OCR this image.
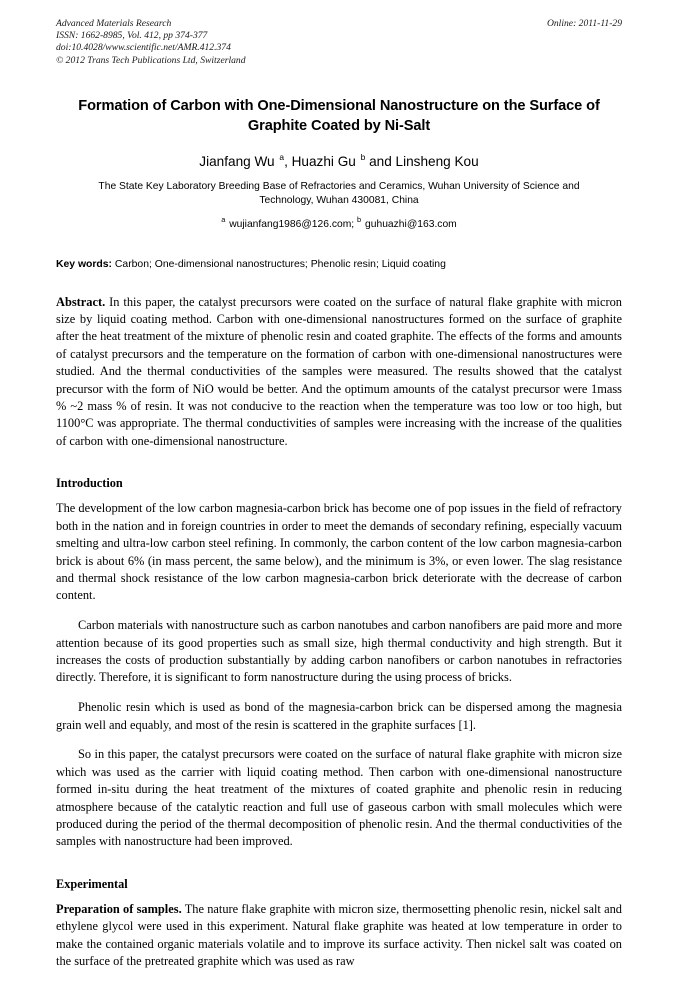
Online: 2011-11-29
Advanced Materials Research
ISSN: 1662-8985, Vol. 412, pp 374-377
doi:10.4028/www.scientific.net/AMR.412.374
© 2012 Trans Tech Publications Ltd, Switzerland
Formation of Carbon with One-Dimensional Nanostructure on the Surface of Graphite Coated by Ni-Salt
Jianfang Wu $^a$, Huazhi Gu $^b$ and Linsheng Kou
The State Key Laboratory Breeding Base of Refractories and Ceramics, Wuhan University of Science and Technology, Wuhan 430081, China
$^a$ wujianfang1986@126.com; $^b$ guhuazhi@163.com
Key words: Carbon; One-dimensional nanostructures; Phenolic resin; Liquid coating
Abstract. In this paper, the catalyst precursors were coated on the surface of natural flake graphite with micron size by liquid coating method. Carbon with one-dimensional nanostructures formed on the surface of graphite after the heat treatment of the mixture of phenolic resin and coated graphite. The effects of the forms and amounts of catalyst precursors and the temperature on the formation of carbon with one-dimensional nanostructures were studied. And the thermal conductivities of the samples were measured. The results showed that the catalyst precursor with the form of NiO would be better. And the optimum amounts of the catalyst precursor were 1mass % ~2 mass % of resin. It was not conducive to the reaction when the temperature was too low or too high, but 1100°C was appropriate. The thermal conductivities of samples were increasing with the increase of the qualities of carbon with one-dimensional nanostructure.
Introduction

The development of the low carbon magnesia-carbon brick has become one of pop issues in the field of refractory both in the nation and in foreign countries in order to meet the demands of secondary refining, especially vacuum smelting and ultra-low carbon steel refining. In commonly, the carbon content of the low carbon magnesia-carbon brick is about 6% (in mass percent, the same below), and the minimum is 3%, or even lower. The slag resistance and thermal shock resistance of the low carbon magnesia-carbon brick deteriorate with the decrease of carbon content.

Carbon materials with nanostructure such as carbon nanotubes and carbon nanofibers are paid more and more attention because of its good properties such as small size, high thermal conductivity and high strength. But it increases the costs of production substantially by adding carbon nanofibers or carbon nanotubes in refractories directly. Therefore, it is significant to form nanostructure during the using process of bricks.

Phenolic resin which is used as bond of the magnesia-carbon brick can be dispersed among the magnesia grain well and equably, and most of the resin is scattered in the graphite surfaces [1].

So in this paper, the catalyst precursors were coated on the surface of natural flake graphite with micron size which was used as the carrier with liquid coating method. Then carbon with one-dimensional nanostructure formed in-situ during the heat treatment of the mixtures of coated graphite and phenolic resin in reducing atmosphere because of the catalytic reaction and full use of gaseous carbon with small molecules which were produced during the period of the thermal decomposition of phenolic resin. And the thermal conductivities of the samples with nanostructure had been improved.

Experimental

Preparation of samples. The nature flake graphite with micron size, thermosetting phenolic resin, nickel salt and ethylene glycol were used in this experiment. Natural flake graphite was heated at low temperature in order to make the contained organic materials volatile and to improve its surface activity. Then nickel salt was coated on the surface of the pretreated graphite which was used as raw
